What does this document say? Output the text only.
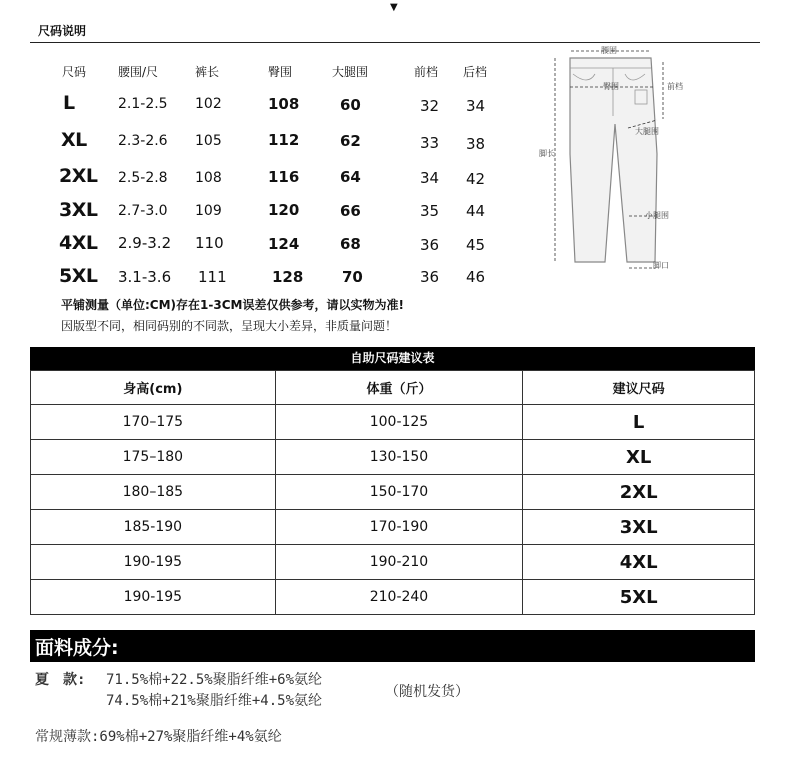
▼
尺码说明
尺码	腰围/尺	裤长	臀围	大腿围	前档 后档
L	2.1-2.5 102	108	60	32 34
XL 2.3-2.6 105	112	62	33 38
2XL 2.5-2.8 108	116	64	34 42
3XL 2.7-3.0 109	120	66	35 44
4XL 2.9-3.2 110	124	68	36 45
5XL 3.1-3.6 111	128	70	36 46
平铺测量（单位:CM)存在1-3CM误差仅供参考，请以实物为准!
因版型不同，相同码别的不同款，呈现大小差异，非质量问题！
腰围
臀围	前档
大腿围
脚长
小腿围
脚口
自助尺码建议表
身高(cm)	体重（斤）	建议尺码
170–175	100-125	L
175–180	130-150	XL
180–185	150-170	2XL
185-190	170-190	3XL
190-195	190-210	4XL
190-195	210-240	5XL
面料成分:
夏　款: 71.5%棉+22.5%聚脂纤维+6%氨纶
74.5%棉+21%聚脂纤维+4.5%氨纶
（随机发货）
常规薄款:69%棉+27%聚脂纤维+4%氨纶
